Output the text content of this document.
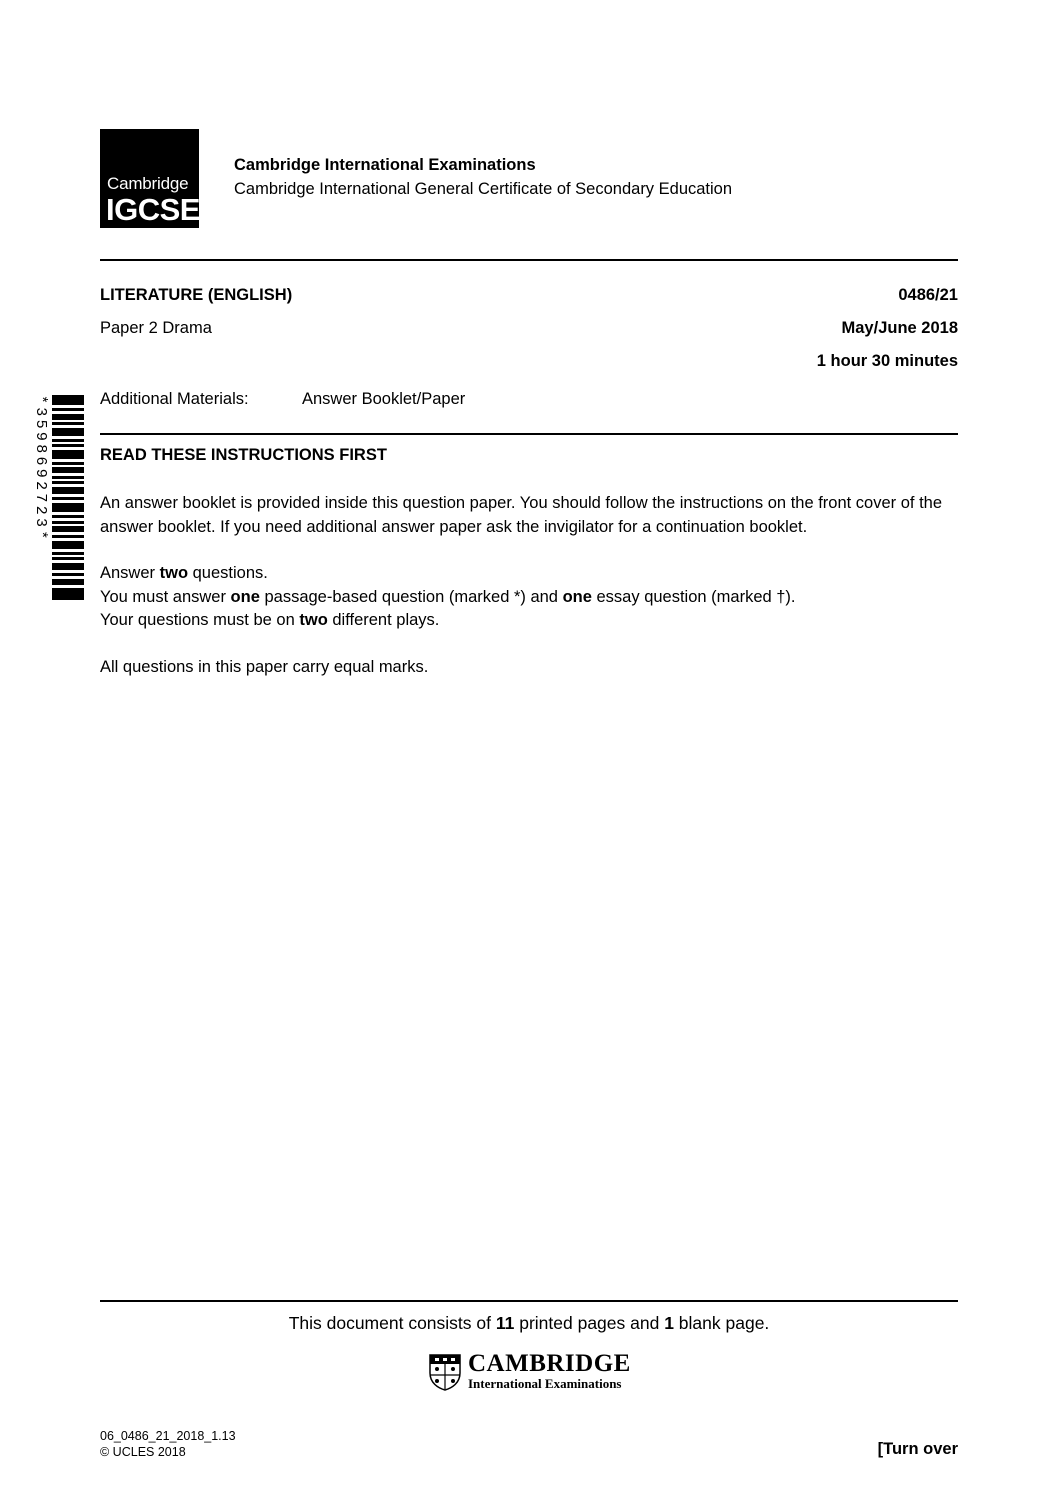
Cambridge
IGCSE
Cambridge International Examinations
Cambridge International General Certificate of Secondary Education
LITERATURE (ENGLISH)	0486/21
Paper 2 Drama	May/June 2018
1 hour 30 minutes
Additional Materials:	Answer Booklet/Paper
*3598692723*	READ THESE INSTRUCTIONS FIRST
An answer booklet is provided inside this question paper. You should follow the instructions on the front cover of the answer booklet. If you need additional answer paper ask the invigilator for a continuation booklet.
Answer two questions.
You must answer one passage-based question (marked *) and one essay question (marked †).
Your questions must be on two different plays.
All questions in this paper carry equal marks.
This document consists of 11 printed pages and 1 blank page.
CAMBRIDGE
International Examinations
06_0486_21_2018_1.13
© UCLES 2018	[Turn over
